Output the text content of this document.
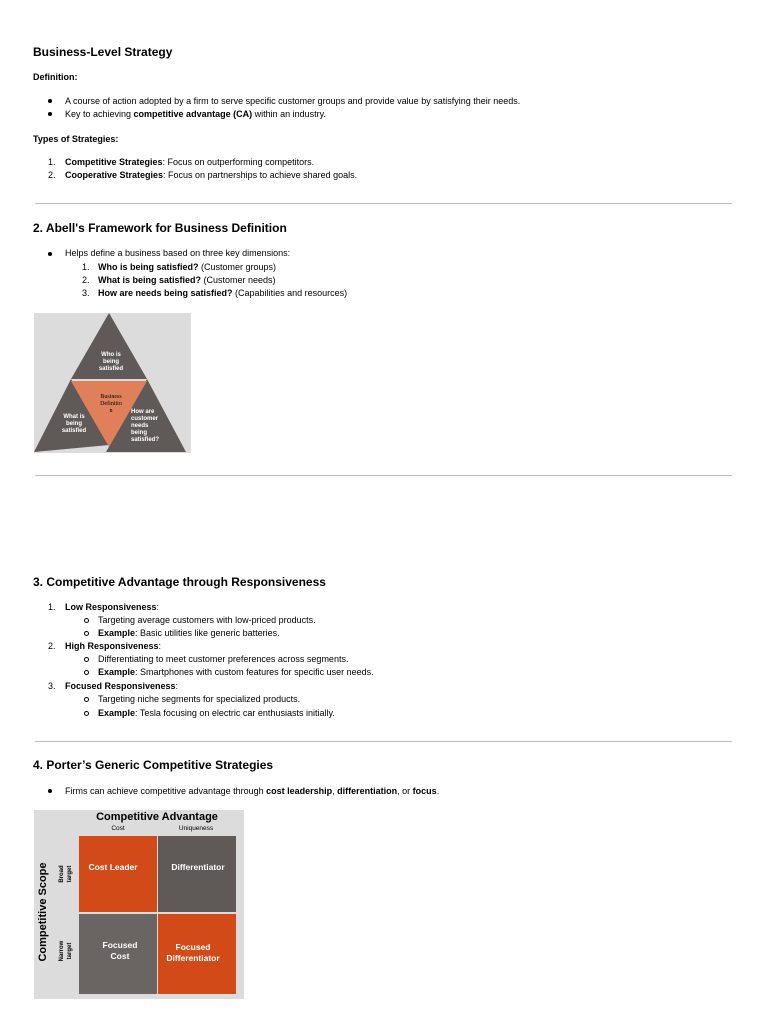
Business-Level Strategy
Definition:
A course of action adopted by a firm to serve specific customer groups and provide value by satisfying their needs.
Key to achieving competitive advantage (CA) within an industry.
Types of Strategies:
1. Competitive Strategies: Focus on outperforming competitors.
2. Cooperative Strategies: Focus on partnerships to achieve shared goals.
2. Abell's Framework for Business Definition
Helps define a business based on three key dimensions:
1. Who is being satisfied? (Customer groups)
2. What is being satisfied? (Customer needs)
3. How are needs being satisfied? (Capabilities and resources)
Who is being satisfied
Business Definitio n
What is being satisfied
How are customer needs being satisfied?
3. Competitive Advantage through Responsiveness
1. Low Responsiveness:
Targeting average customers with low-priced products.
Example: Basic utilities like generic batteries.
2. High Responsiveness:
Differentiating to meet customer preferences across segments.
Example: Smartphones with custom features for specific user needs.
3. Focused Responsiveness:
Targeting niche segments for specialized products.
Example: Tesla focusing on electric car enthusiasts initially.
4. Porter’s Generic Competitive Strategies
Firms can achieve competitive advantage through cost leadership, differentiation, or focus.
Competitive Advantage
Cost	Uniqueness
Competitive Scope Broad target
Narrow target
Cost Leader	Differentiator
Focused
Cost
Focused
Differentiator
